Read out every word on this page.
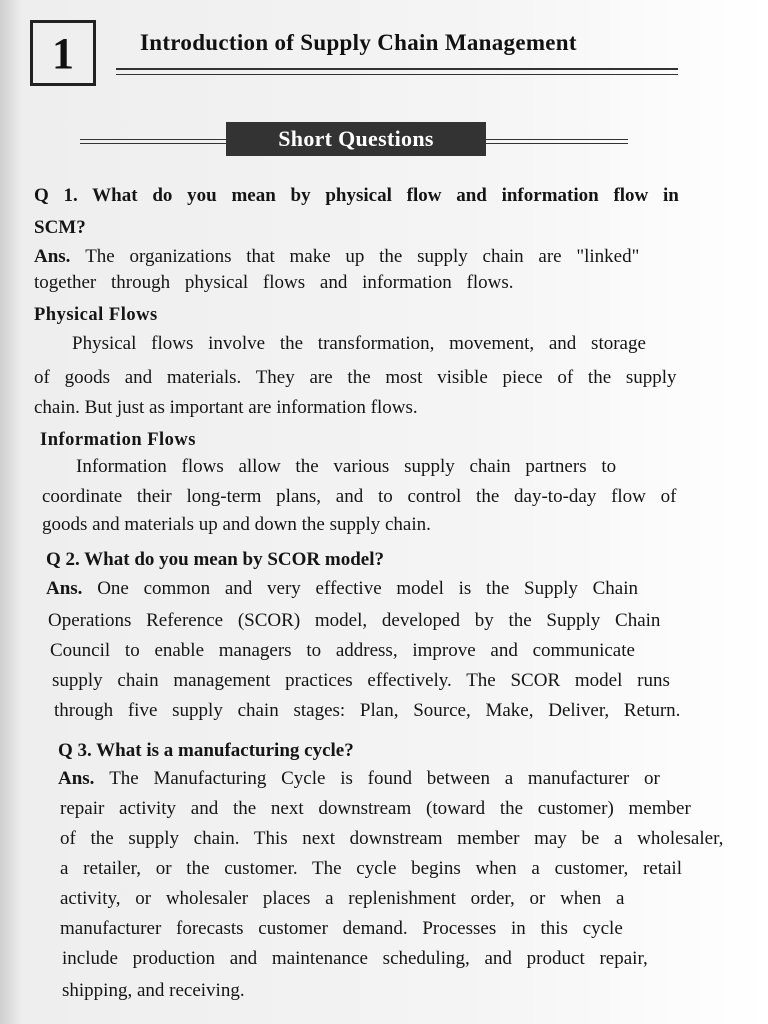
1	Introduction of Supply Chain Management
Short Questions
Q 1. What do you mean by physical flow and information flow in
SCM?
Ans. The organizations that make up the supply chain are "linked"
together through physical flows and information flows.
Physical Flows
Physical flows involve the transformation, movement, and storage
of goods and materials. They are the most visible piece of the supply
chain. But just as important are information flows.
Information Flows
Information flows allow the various supply chain partners to
coordinate their long-term plans, and to control the day-to-day flow of
goods and materials up and down the supply chain.
Q 2. What do you mean by SCOR model?
Ans. One common and very effective model is the Supply Chain
Operations Reference (SCOR) model, developed by the Supply Chain
Council to enable managers to address, improve and communicate
supply chain management practices effectively. The SCOR model runs
through five supply chain stages: Plan, Source, Make, Deliver, Return.
Q 3. What is a manufacturing cycle?
Ans. The Manufacturing Cycle is found between a manufacturer or
repair activity and the next downstream (toward the customer) member
of the supply chain. This next downstream member may be a wholesaler,
a retailer, or the customer. The cycle begins when a customer, retail
activity, or wholesaler places a replenishment order, or when a
manufacturer forecasts customer demand. Processes in this cycle
include production and maintenance scheduling, and product repair,
shipping, and receiving.
